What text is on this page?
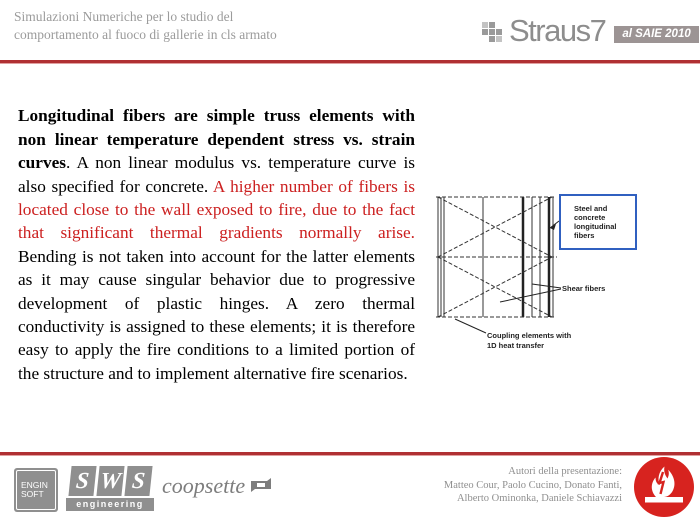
Simulazioni Numeriche per lo studio del
comportamento al fuoco di gallerie in cls armato	Straus7	al SAIE 2010

Longitudinal fibers are simple truss elements with non linear temperature dependent stress vs. strain curves. A non linear modulus vs. temperature curve is also specified for concrete. A higher number of fibers is located close to the wall exposed to fire, due to the fact that significant thermal gradients normally arise. Bending is not taken into account for the latter elements as it may cause singular behavior due to progressive development of plastic hinges. A zero thermal conductivity is assigned to these elements; it is therefore easy to apply the fire conditions to a limited portion of the structure and to implement alternative fire scenarios.

Steel and concrete
longitudinal fibers
Shear fibers
Coupling elements with
1D heat transfer
ENGIN
SOFT
S W S
engineering
coopsette
Autori della presentazione:
Matteo Cour, Paolo Cucino, Donato Fanti,
Alberto Ominonka, Daniele Schiavazzi
